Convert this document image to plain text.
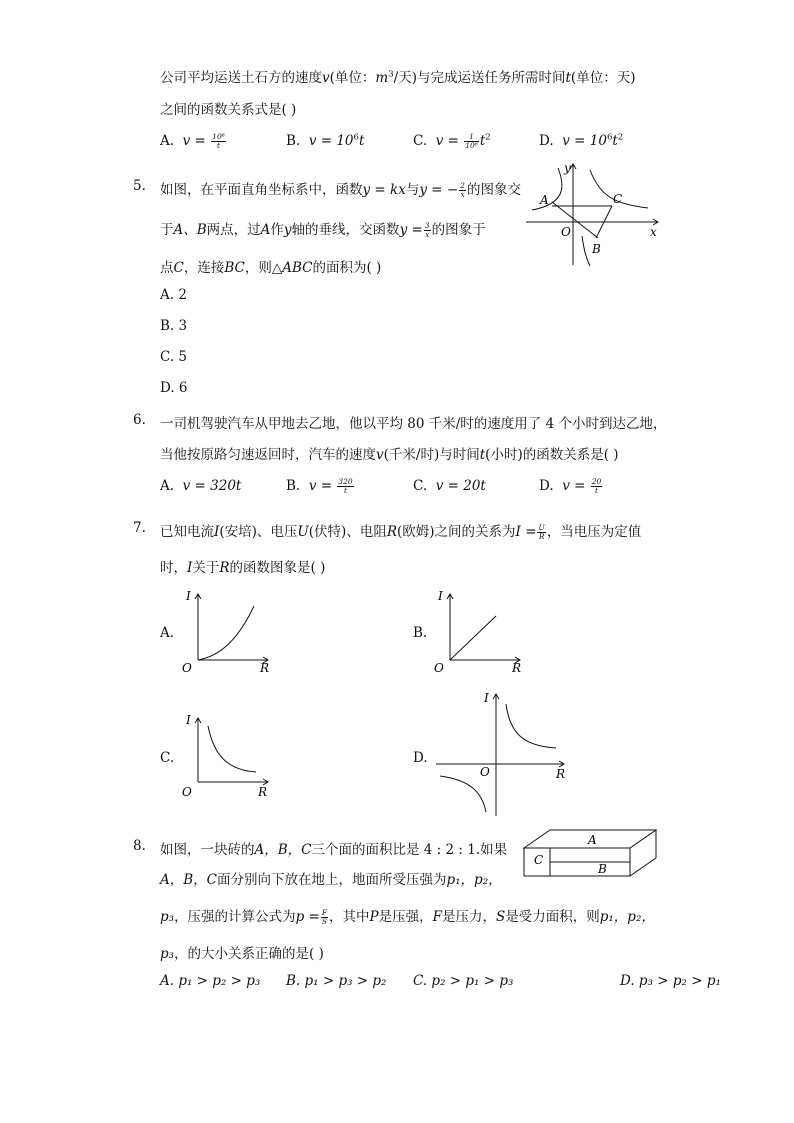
公司平均运送土石方的速度v(单位：$m^3/$天)与完成运送任务所需时间t(单位：天)
之间的函数关系式是( )
A. $v = \frac{\text{10⁶}}{t}$	B. $v = 10^6t$	C. $v = \frac{1}{\text{10⁶}} t^2$	D. $v = 10^6t^2$
5. 如图，在平面直角坐标系中，函数y = kx与y = − $\frac{2}{x}$ 的图象交
于A、B两点，过A作y轴的垂线，交函数$y = \frac{3}{x}$ 的图象于
点C，连接BC，则△ABC的面积为( )
A. 2
B. 3
C. 5
D. 6
y
x
A	C
O
B
6. 一司机驾驶汽车从甲地去乙地，他以平均 80 千米/时的速度用了 4 个小时到达乙地，
当他按原路匀速返回时，汽车的速度v(千米/时)与时间t(小时)的函数关系是( )
A. v = 320t	B. $v = \frac{320}{t}$	C. v = 20t	D. $v = \frac{20}{t}$
7. 已知电流I(安培)、电压U(伏特)、电阻R(欧姆)之间的关系为$I = \frac{U}{R}$ ，当电压为定值
时，I关于R的函数图象是( )
A.
I
O	R
B.
I
O	R
C.
I
O	R
D.
I
O	R
8. 如图，一块砖的A，B，C三个面的面积比是 4 : 2 : 1.如果
A，B，C面分别向下放在地上，地面所受压强为p₁，p₂，
p₃，压强的计算公式为$p = \frac{F}{S}$ ，其中P是压强，F是压力，S是受力面积，则p₁，p₂，
p₃，的大小关系正确的是( )
A
C
B
A. p₁ > p₂ > p₃ B. p₁ > p₃ > p₂ C. p₂ > p₁ > p₃	D. p₃ > p₂ > p₁
